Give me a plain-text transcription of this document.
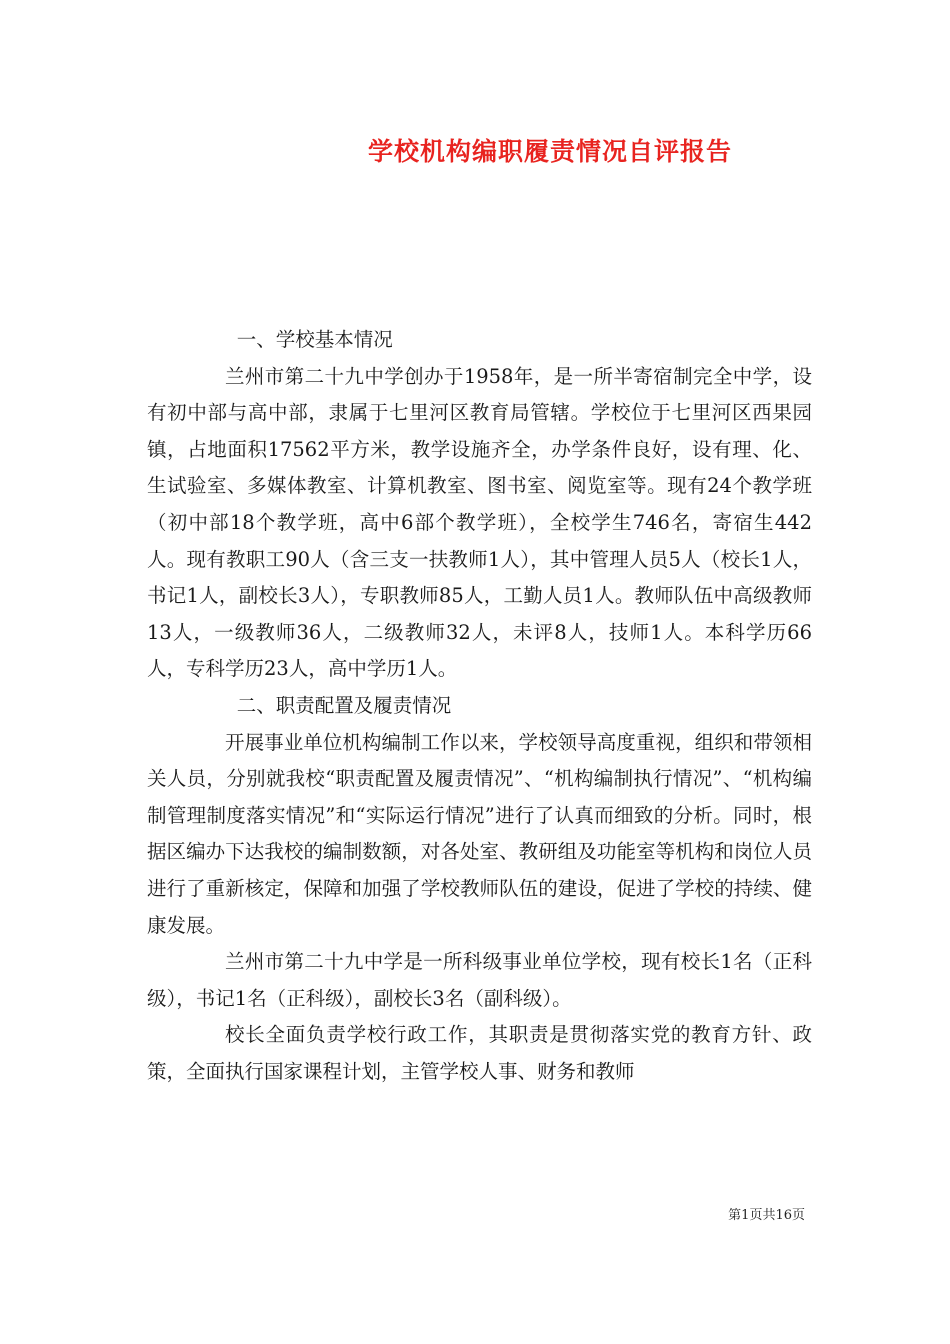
学校机构编职履责情况自评报告

一、学校基本情况

兰州市第二十九中学创办于1958年，是一所半寄宿制完全中学，设有初中部与高中部，隶属于七里河区教育局管辖。学校位于七里河区西果园镇，占地面积17562平方米，教学设施齐全，办学条件良好，设有理、化、生试验室、多媒体教室、计算机教室、图书室、阅览室等。现有24个教学班（初中部18个教学班，高中6部个教学班），全校学生746名，寄宿生442人。现有教职工90人（含三支一扶教师1人），其中管理人员5人（校长1人，书记1人，副校长3人），专职教师85人，工勤人员1人。教师队伍中高级教师13人，一级教师36人，二级教师32人，未评8人，技师1人。本科学历66人，专科学历23人，高中学历1人。

二、职责配置及履责情况

开展事业单位机构编制工作以来，学校领导高度重视，组织和带领相关人员，分别就我校“职责配置及履责情况”、“机构编制执行情况”、“机构编制管理制度落实情况”和“实际运行情况”进行了认真而细致的分析。同时，根据区编办下达我校的编制数额，对各处室、教研组及功能室等机构和岗位人员进行了重新核定，保障和加强了学校教师队伍的建设，促进了学校的持续、健康发展。

兰州市第二十九中学是一所科级事业单位学校，现有校长1名（正科级），书记1名（正科级），副校长3名（副科级）。

校长全面负责学校行政工作，其职责是贯彻落实党的教育方针、政策，全面执行国家课程计划，主管学校人事、财务和教师

第1页共16页
